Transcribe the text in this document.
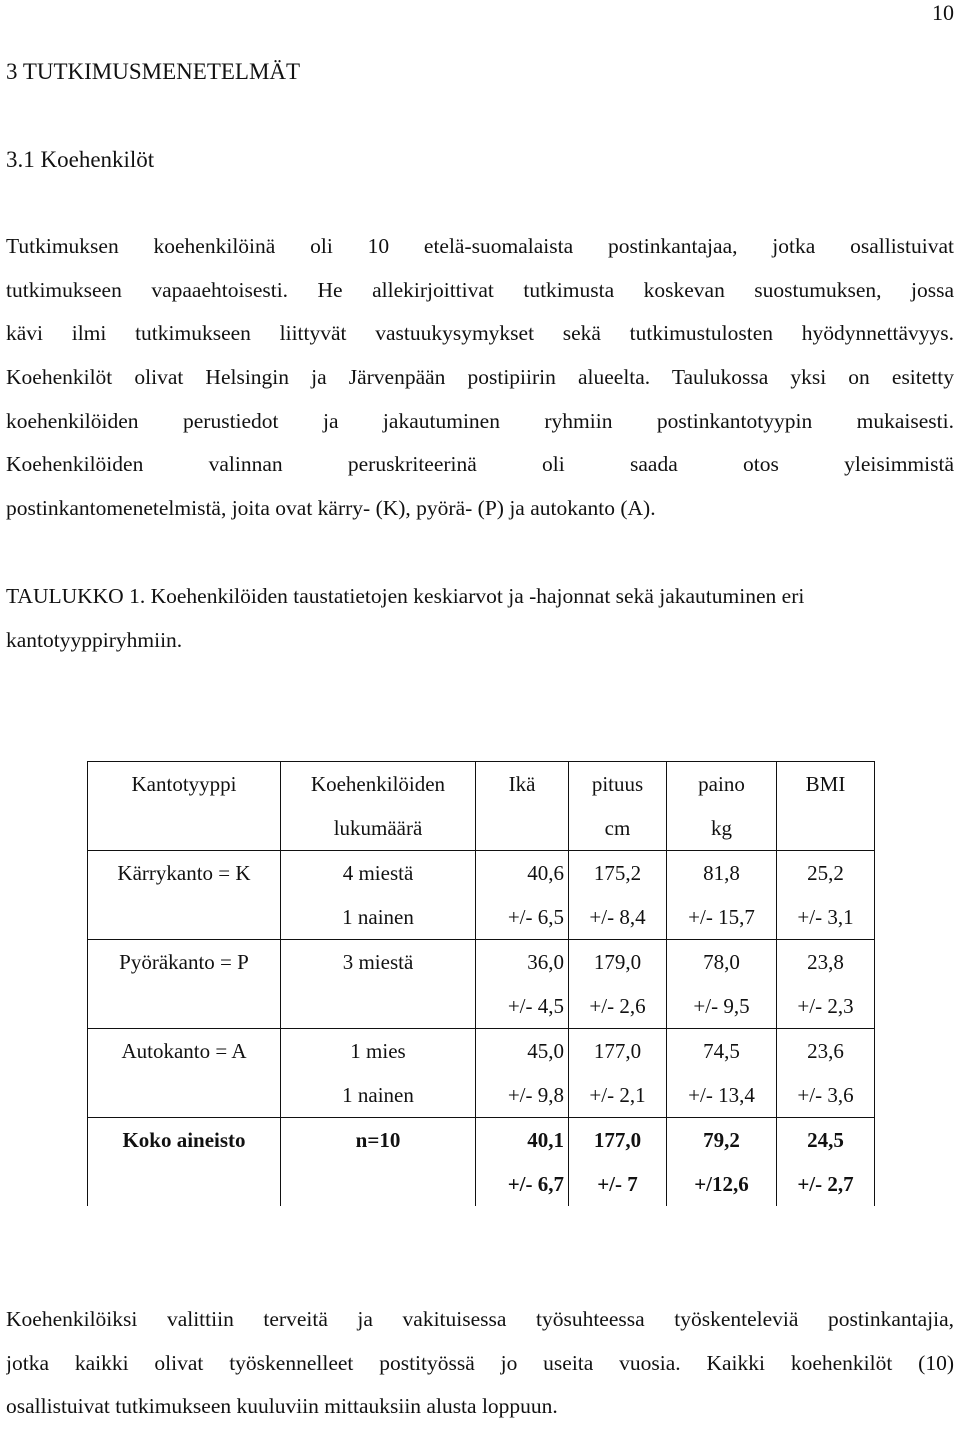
10
3 TUTKIMUSMENETELMÄT
3.1 Koehenkilöt
Tutkimuksen koehenkilöinä oli 10 etelä-suomalaista postinkantajaa, jotka osallistuivat
tutkimukseen vapaaehtoisesti. He allekirjoittivat tutkimusta koskevan suostumuksen, jossa
kävi ilmi tutkimukseen liittyvät vastuukysymykset sekä tutkimustulosten hyödynnettävyys.
Koehenkilöt olivat Helsingin ja Järvenpään postipiirin alueelta. Taulukossa yksi on esitetty
koehenkilöiden perustiedot ja jakautuminen ryhmiin postinkantotyypin mukaisesti.
Koehenkilöiden valinnan peruskriteerinä oli saada otos yleisimmistä
postinkantomenetelmistä, joita ovat kärry- (K), pyörä- (P) ja autokanto (A).
TAULUKKO 1. Koehenkilöiden taustatietojen keskiarvot ja -hajonnat sekä jakautuminen eri
kantotyyppiryhmiin.
Kantotyyppi	Koehenkilöiden	Ikä	pituus	paino	BMI
	lukumäärä		cm	kg	
Kärrykanto = K	4 miestä	40,6	175,2	81,8	25,2
	1 nainen	+/- 6,5	+/- 8,4	+/- 15,7	+/- 3,1
Pyöräkanto = P	3 miestä	36,0	179,0	78,0	23,8
		+/- 4,5	+/- 2,6	+/- 9,5	+/- 2,3
Autokanto = A	1 mies	45,0	177,0	74,5	23,6
	1 nainen	+/- 9,8	+/- 2,1	+/- 13,4	+/- 3,6
Koko aineisto	n=10	40,1	177,0	79,2	24,5
		+/- 6,7	+/- 7	+/12,6	+/- 2,7
Koehenkilöiksi valittiin terveitä ja vakituisessa työsuhteessa työskenteleviä postinkantajia,
jotka kaikki olivat työskennelleet postityössä jo useita vuosia. Kaikki koehenkilöt (10)
osallistuivat tutkimukseen kuuluviin mittauksiin alusta loppuun.
